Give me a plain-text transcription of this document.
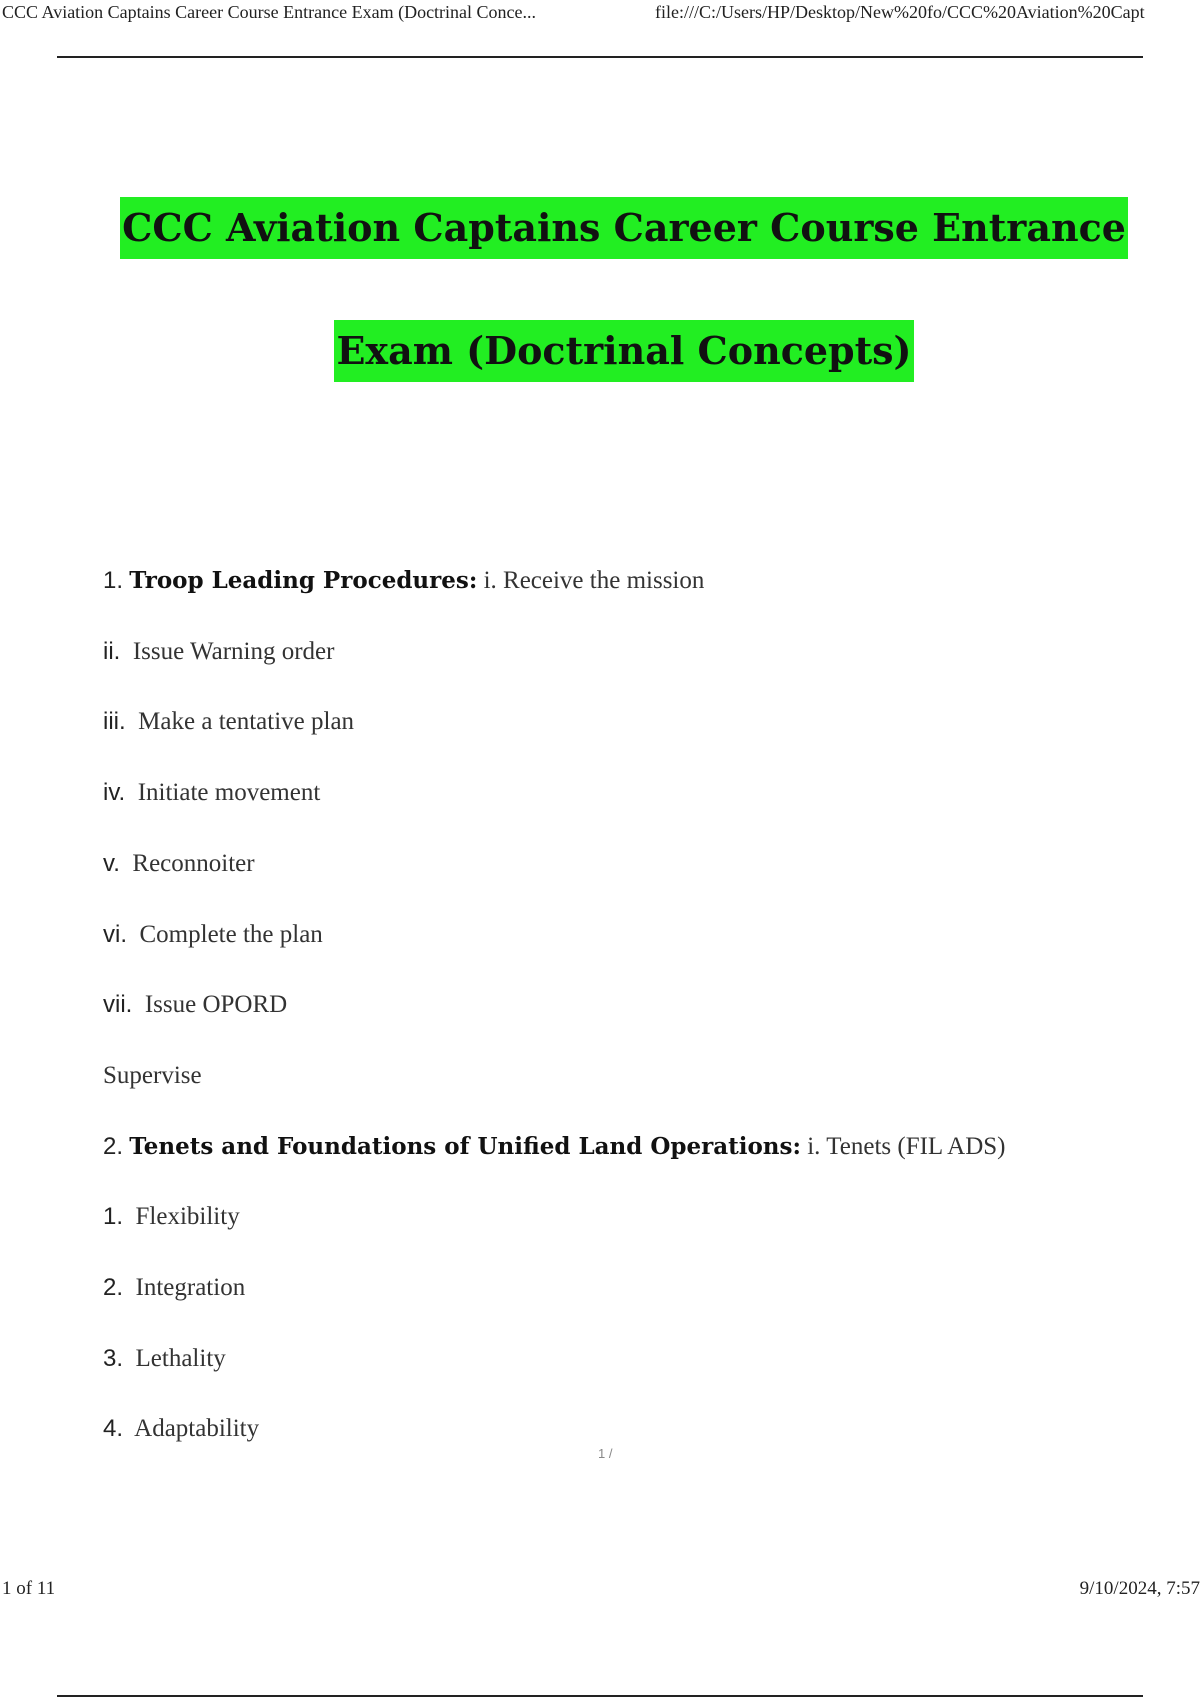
CCC Aviation Captains Career Course Entrance Exam (Doctrinal Conce...	file:///C:/Users/HP/Desktop/New%20fo/CCC%20Aviation%20Capt
CCC Aviation Captains Career Course Entrance
Exam (Doctrinal Concepts)
1. Troop Leading Procedures: i. Receive the mission
ii.  Issue Warning order
iii.  Make a tentative plan
iv.  Initiate movement
v.  Reconnoiter
vi.  Complete the plan
vii.  Issue OPORD
Supervise
2. Tenets and Foundations of Unified Land Operations: i. Tenets (FIL ADS)
1.  Flexibility
2.  Integration
3.  Lethality
4.  Adaptability
1 /
1 of 11	9/10/2024, 7:57
